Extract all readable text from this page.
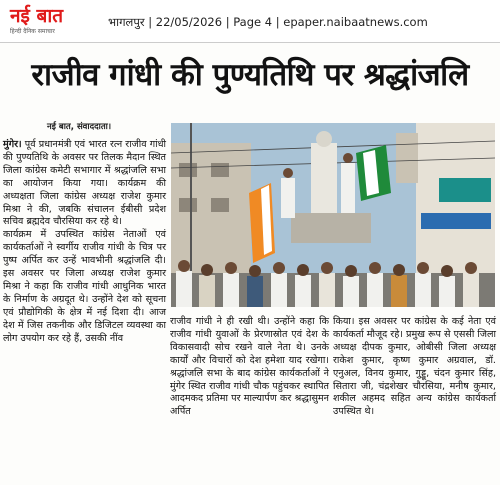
नई बात
हिन्दी दैनिक समाचार
भागलपुर | 22/05/2026 | Page 4 | epaper.naibaatnews.com
राजीव गांधी की पुण्यतिथि पर श्रद्धांजलि
नई बात, संवाददाता।

मुंगेर। पूर्व प्रधानमंत्री एवं भारत रत्न राजीव गांधी की पुण्यतिथि के अवसर पर तिलक मैदान स्थित जिला कांग्रेस कमेटी सभागार में श्रद्धांजलि सभा का आयोजन किया गया। कार्यक्रम की अध्यक्षता जिला कांग्रेस अध्यक्ष राजेश कुमार मिश्रा ने की, जबकि संचालन ईबीसी प्रदेश सचिव ब्रह्मदेव चौरसिया कर रहे थे।

कार्यक्रम में उपस्थित कांग्रेस नेताओं एवं कार्यकर्ताओं ने स्वर्गीय राजीव गांधी के चित्र पर पुष्प अर्पित कर उन्हें भावभीनी श्रद्धांजलि दी। इस अवसर पर जिला अध्यक्ष राजेश कुमार मिश्रा ने कहा कि राजीव गांधी आधुनिक भारत के निर्माण के अग्रदूत थे। उन्होंने देश को सूचना एवं प्रौद्योगिकी के क्षेत्र में नई दिशा दी। आज देश में जिस तकनीक और डिजिटल व्यवस्था का लोग उपयोग कर रहे हैं, उसकी नींव

राजीव गांधी ने ही रखी थी। उन्होंने कहा कि राजीव गांधी युवाओं के प्रेरणास्रोत एवं देश के विकासवादी सोच रखने वाले नेता थे। उनके कार्यों और विचारों को देश हमेशा याद रखेगा। श्रद्धांजलि सभा के बाद कांग्रेस कार्यकर्ताओं ने मुंगेर स्थित राजीव गांधी चौक पहुंचकर स्थापित आदमकद प्रतिमा पर माल्यार्पण कर श्रद्धासुमन अर्पित
किया। इस अवसर पर कांग्रेस के कई नेता एवं कार्यकर्ता मौजूद रहे। प्रमुख रूप से एससी जिला अध्यक्ष दीपक कुमार, ओबीसी जिला अध्यक्ष राकेश कुमार, कृष्ण कुमार अग्रवाल, डॉ. एनुअल, विनय कुमार, गुड्डू, चंदन कुमार सिंह, सितारा जी, चंद्रशेखर चौरसिया, मनीष कुमार, शकील अहमद सहित अन्य कांग्रेस कार्यकर्ता उपस्थित थे।
